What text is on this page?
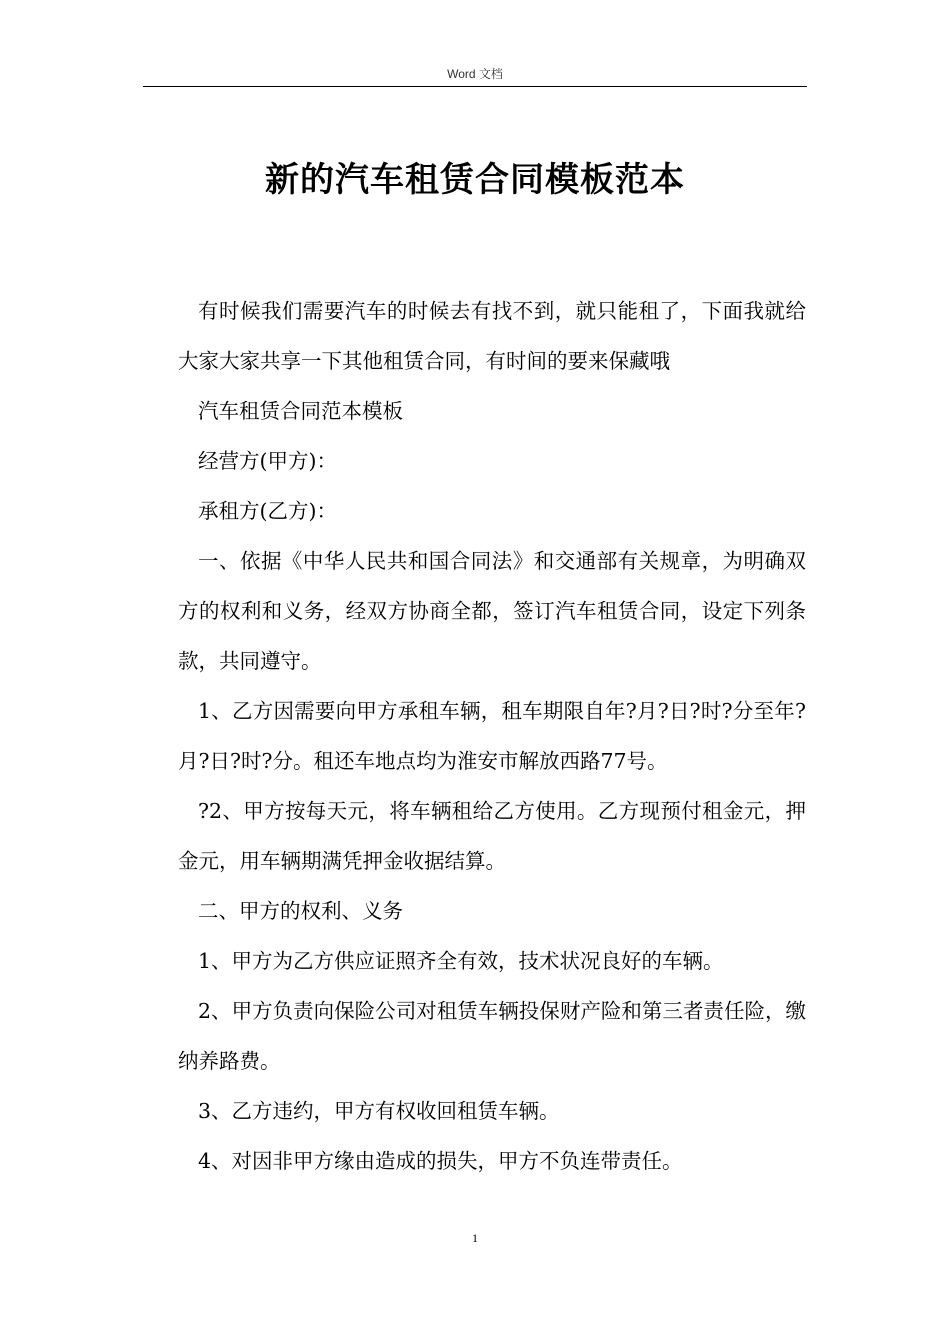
Word 文档
新的汽车租赁合同模板范本

有时候我们需要汽车的时候去有找不到，就只能租了，下面我就给大家大家共享一下其他租赁合同，有时间的要来保藏哦

汽车租赁合同范本模板

经营方(甲方)：

承租方(乙方)：

一、依据《中华人民共和国合同法》和交通部有关规章，为明确双方的权利和义务，经双方协商全都，签订汽车租赁合同，设定下列条款，共同遵守。

1、乙方因需要向甲方承租车辆，租车期限自年?月?日?时?分至年?月?日?时?分。租还车地点均为淮安市解放西路77号。

?2、甲方按每天元，将车辆租给乙方使用。乙方现预付租金元，押金元，用车辆期满凭押金收据结算。

二、甲方的权利、义务

1、甲方为乙方供应证照齐全有效，技术状况良好的车辆。

2、甲方负责向保险公司对租赁车辆投保财产险和第三者责任险，缴纳养路费。

3、乙方违约，甲方有权收回租赁车辆。

4、对因非甲方缘由造成的损失，甲方不负连带责任。

1
